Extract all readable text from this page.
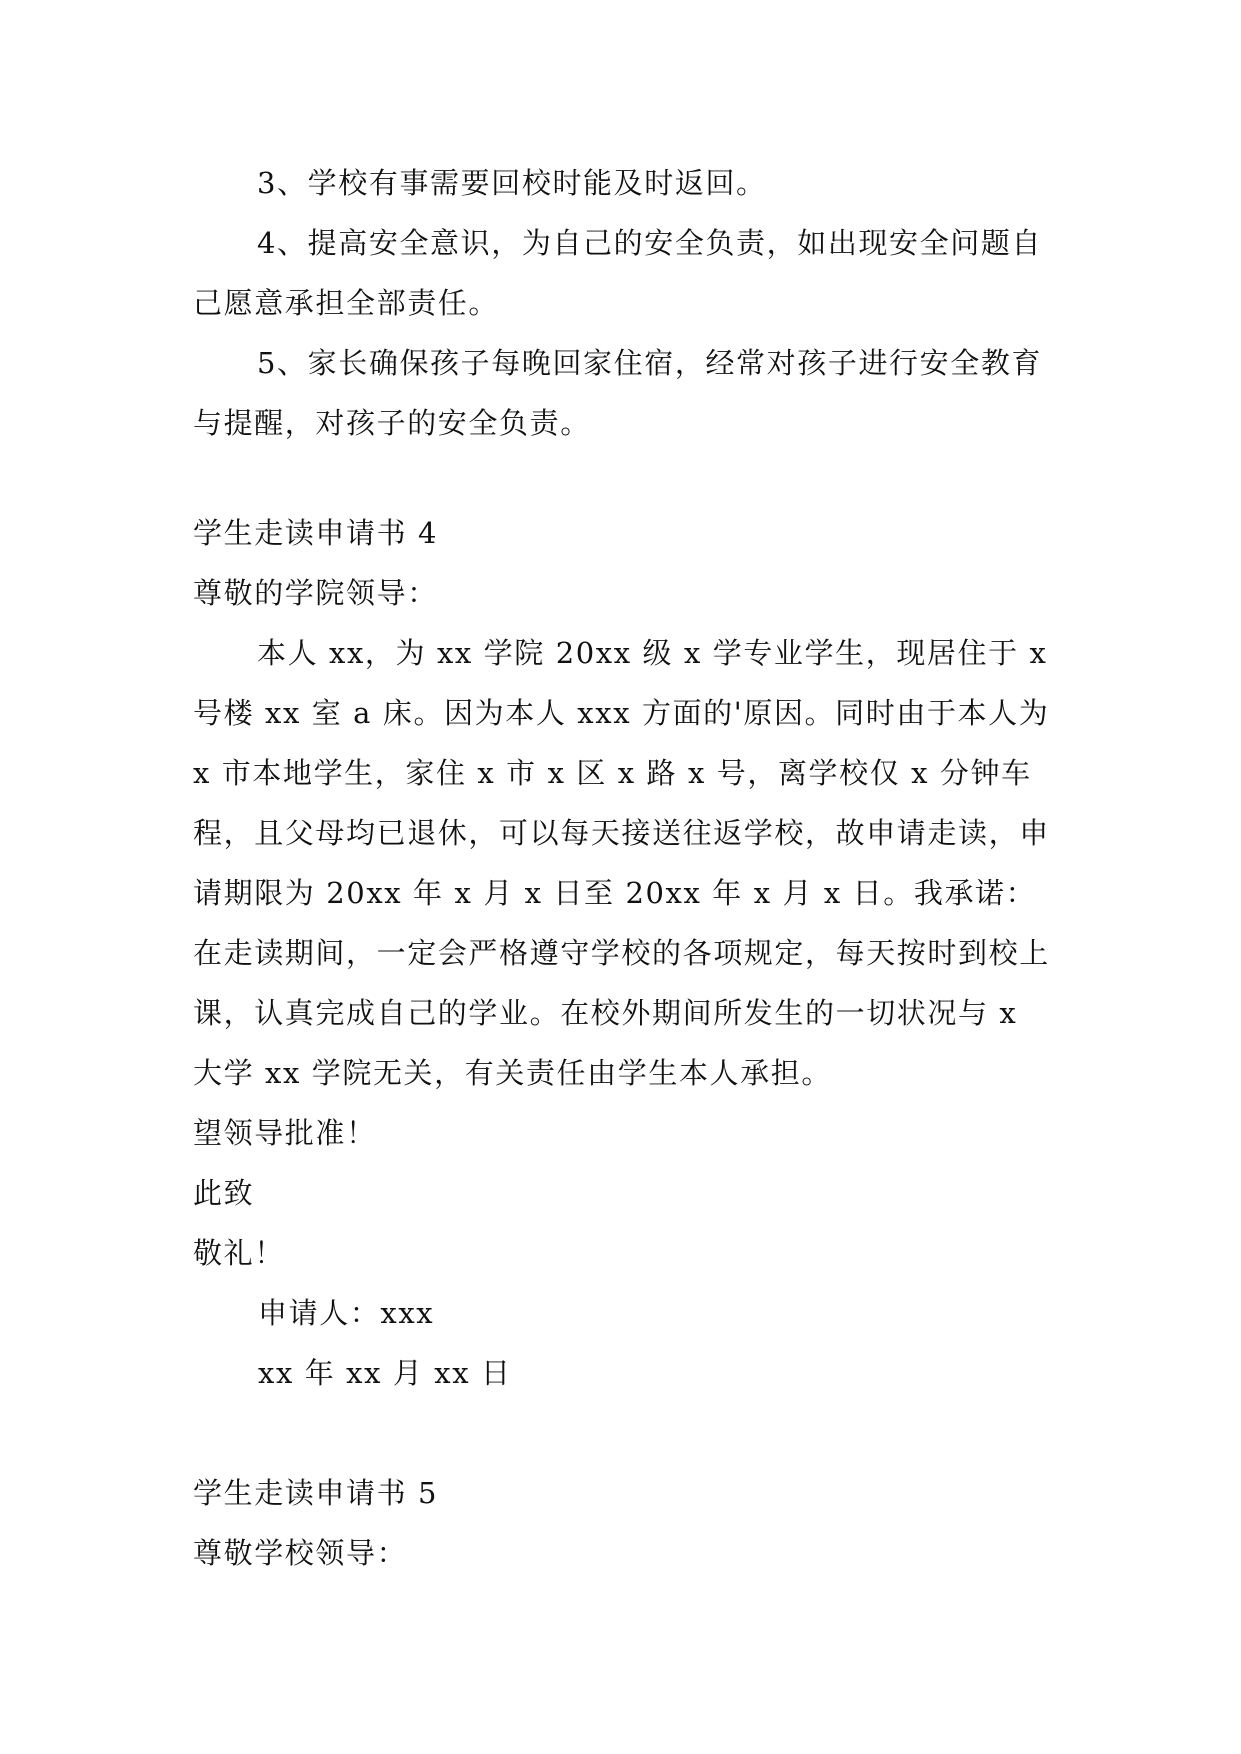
3、学校有事需要回校时能及时返回。

4、提高安全意识，为自己的安全负责，如出现安全问题自己愿意承担全部责任。

5、家长确保孩子每晚回家住宿，经常对孩子进行安全教育与提醒，对孩子的安全负责。

学生走读申请书 4

尊敬的学院领导：

本人 xx，为 xx 学院 20xx 级 x 学专业学生，现居住于 x 号楼 xx 室 a 床。因为本人 xxx 方面的'原因。同时由于本人为 x 市本地学生，家住 x 市 x 区 x 路 x 号，离学校仅 x 分钟车程，且父母均已退休，可以每天接送往返学校，故申请走读，申请期限为 20xx 年 x 月 x 日至 20xx 年 x 月 x 日。我承诺：在走读期间，一定会严格遵守学校的各项规定，每天按时到校上课，认真完成自己的学业。在校外期间所发生的一切状况与 x 大学 xx 学院无关，有关责任由学生本人承担。

望领导批准！

此致

敬礼！

申请人：xxx

xx 年 xx 月 xx 日

学生走读申请书 5

尊敬学校领导：
